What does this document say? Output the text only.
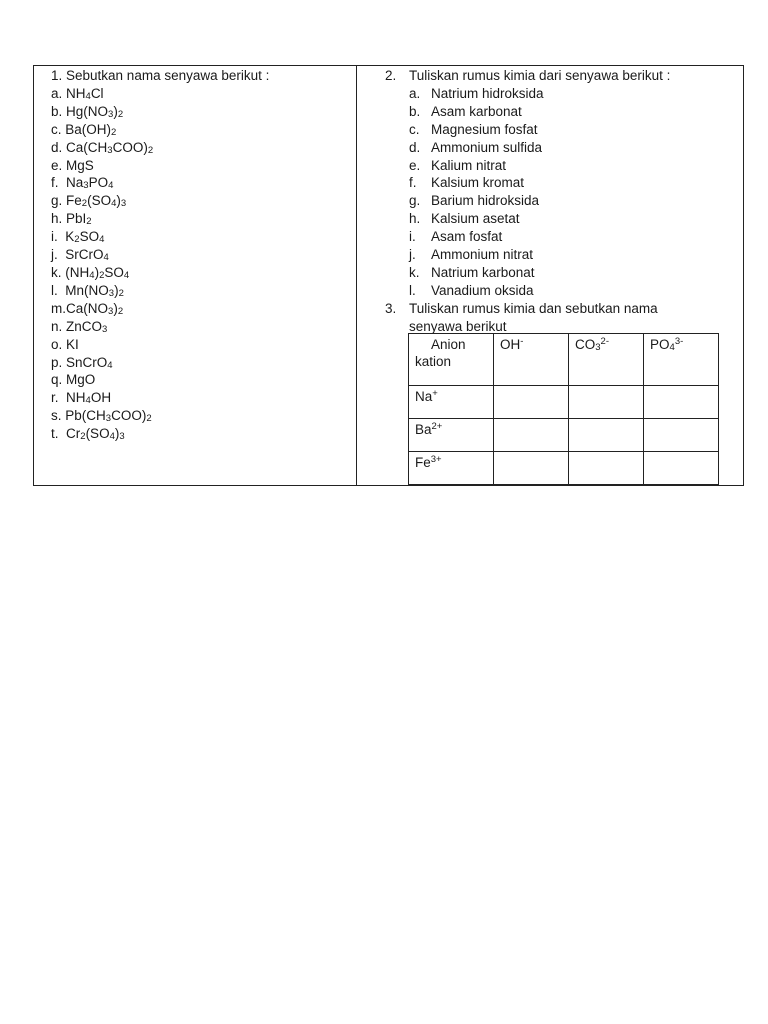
1. Sebutkan nama senyawa berikut :
a. $NH_4Cl$
b. $Hg(NO_3)_2$
c. $Ba(OH)_2$
d. $Ca(CH_3COO)_2$
e. MgS
f.  $Na_3PO_4$
g. $Fe_2(SO_4)_3$
h. PbI$_2$
i.  $K_2SO_4$
j.  SrCrO$_4$
k. $(NH_4)_2SO_4$
l.  $Mn(NO_3)_2$
$m.Ca(NO_3)_2$
n. ZnCO$_3$
o. KI
p. SnCrO$_4$
q. MgO
r.  $NH_4OH$
s. $Pb(CH_3COO)_2$
t.  $Cr_2(SO_4)_3$
2. Tuliskan rumus kimia dari senyawa berikut :
a. Natrium hidroksida
b. Asam karbonat
c. Magnesium fosfat
d. Ammonium sulfida
e. Kalium nitrat
f. Kalsium kromat
g. Barium hidroksida
h. Kalsium asetat
i. Asam fosfat
j. Ammonium nitrat
k. Natrium karbonat
l. Vanadium oksida
3. Tuliskan rumus kimia dan sebutkan nama
senyawa berikut
Anion
kation	OH-	$CO_3^{2-}$	$PO_4^{3-}$
Na+			
$Ba^{2+}$			
$Fe^{3+}$			
